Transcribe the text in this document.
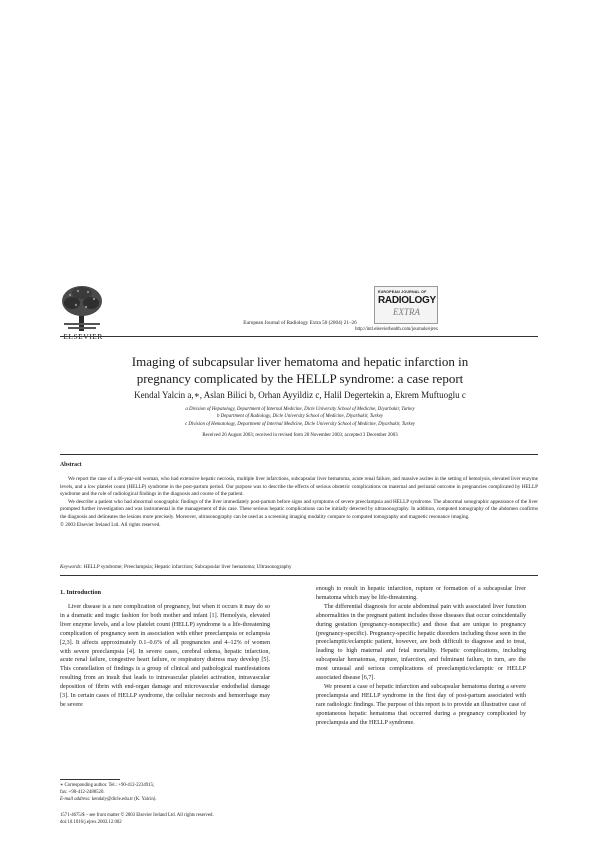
ELSEVIER
European Journal of Radiology Extra 50 (2004) 21–26
EUROPEAN JOURNAL OF
RADIOLOGY
EXTRA
http://intl.elsevierhealth.com/journals/ejrex
Imaging of subcapsular liver hematoma and hepatic infarction in
pregnancy complicated by the HELLP syndrome: a case report
Kendal Yalcin a,∗, Aslan Bilici b, Orhan Ayyildiz c, Halil Degertekin a, Ekrem Muftuoglu c
a Division of Hepatology, Department of Internal Medicine, Dicle University School of Medicine, Diyarbakir, Turkey
b Department of Radiology, Dicle University School of Medicine, Diyarbakir, Turkey
c Division of Hematology, Department of Internal Medicine, Dicle University School of Medicine, Diyarbakir, Turkey
Received 26 August 2003; received in revised form 28 November 2003; accepted 3 December 2003
Abstract

We report the case of a 40-year-old woman, who had extensive hepatic necrosis, multiple liver infarctions, subcapsular liver hematoma, acute renal failure, and massive ascites in the setting of hemolysis, elevated liver enzyme levels, and a low platelet count (HELLP) syndrome in the post-partum period. Our purpose was to describe the effects of serious obstetric complications on maternal and perinatal outcome in pregnancies complicated by HELLP syndrome and the role of radiological findings in the diagnosis and course of the patient.

We describe a patient who had abnormal sonographic findings of the liver immediately post-partum before signs and symptoms of severe preeclampsia and HELLP syndrome. The abnormal sonographic appearance of the liver prompted further investigation and was instrumental in the management of this case. These serious hepatic complications can be initially detected by ultrasonography. In addition, computed tomography of the abdomen confirms the diagnosis and delineates the lesions more precisely. Moreover, ultrasonography can be used as a screening imaging modality compare to computed tomography and magnetic resonance imaging.

© 2003 Elsevier Ireland Ltd. All rights reserved.

Keywords: HELLP syndrome; Preeclampsia; Hepatic infarction; Subcapsular liver hematoma; Ultrasonography
1. Introduction

Liver disease is a rare complication of pregnancy, but when it occurs it may do so in a dramatic and tragic fashion for both mother and infant [1]. Hemolysis, elevated liver enzyme levels, and a low platelet count (HELLP) syndrome is a life-threatening complication of pregnancy seen in association with either preeclampsia or eclampsia [2,3]. It affects approximately 0.1–0.6% of all pregnancies and 4–12% of women with severe preeclampsia [4]. In severe cases, cerebral edema, hepatic infarction, acute renal failure, congestive heart failure, or respiratory distress may develop [5]. This constellation of findings is a group of clinical and pathological manifestations resulting from an insult that leads to intravascular platelet activation, intravascular deposition of fibrin with end-organ damage and microvascular endothelial damage [3]. In certain cases of HELLP syndrome, the cellular necrosis and hemorrhage may be severe

enough to result in hepatic infarction, rupture or formation of a subcapsular liver hematoma which may be life-threatening.

The differential diagnosis for acute abdominal pain with associated liver function abnormalities in the pregnant patient includes those diseases that occur coincidentally during gestation (pregnancy-nonspecific) and those that are unique to pregnancy (pregnancy-specific). Pregnancy-specific hepatic disorders including those seen in the preeclamptic/eclamptic patient, however, are both difficult to diagnose and to treat, leading to high maternal and fetal mortality. Hepatic complications, including subcapsular hematomas, rupture, infarction, and fulminant failure, in turn, are the most unusual and serious complications of preeclamptic/eclamptic or HELLP associated disease [6,7].

We present a case of hepatic infarction and subcapsular hematoma during a severe preeclampsia and HELLP syndrome in the first day of post-partum associated with rare radiologic findings. The purpose of this report is to provide an illustrative case of spontaneous hepatic hematoma that occurred during a pregnancy complicated by preeclampsia and the HELLP syndrome.

∗ Corresponding author. Tel.: +90-412-2234915;
fax: +90-412-2488520.
E-mail address: kendaly@dicle.edu.tr (K. Yalcin).
1571-4675/$ – see front matter © 2003 Elsevier Ireland Ltd. All rights reserved.
doi:10.1016/j.ejrex.2003.12.002
